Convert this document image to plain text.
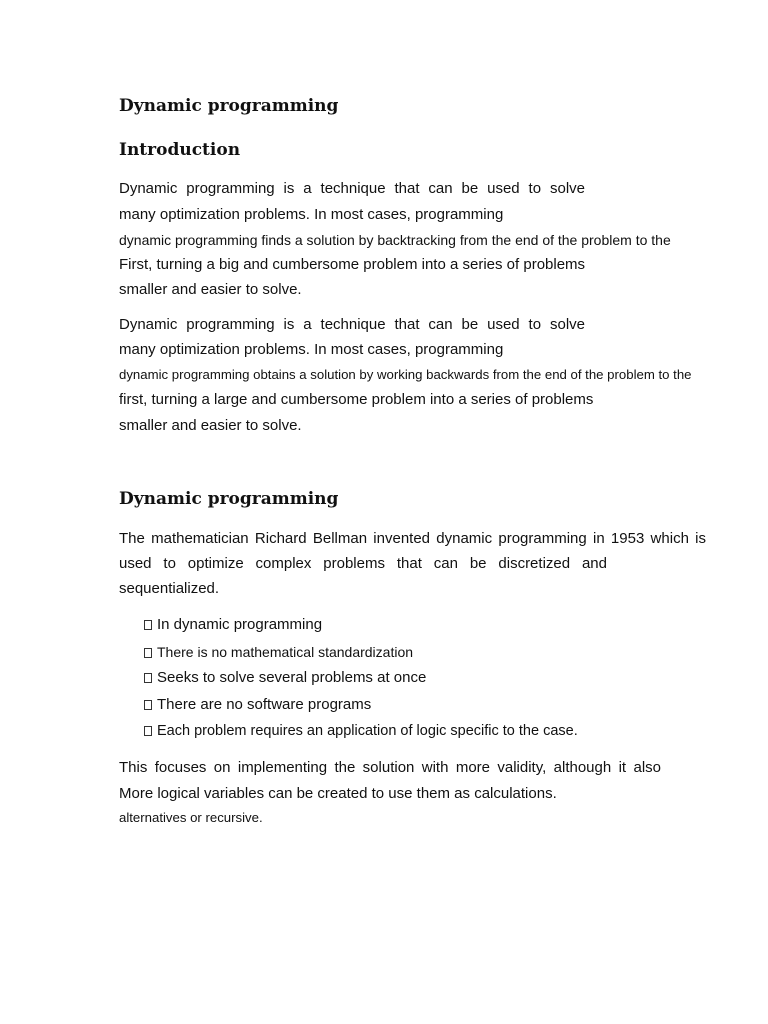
Dynamic programming
Introduction
Dynamic programming is a technique that can be used to solve
many optimization problems. In most cases, programming
dynamic programming finds a solution by backtracking from the end of the problem to the
First, turning a big and cumbersome problem into a series of problems
smaller and easier to solve.
Dynamic programming is a technique that can be used to solve
many optimization problems. In most cases, programming
dynamic programming obtains a solution by working backwards from the end of the problem to the
first, turning a large and cumbersome problem into a series of problems
smaller and easier to solve.
Dynamic programming
The mathematician Richard Bellman invented dynamic programming in 1953 which is
used to optimize complex problems that can be discretized and
sequentialized.
In dynamic programming
There is no mathematical standardization
Seeks to solve several problems at once
There are no software programs
Each problem requires an application of logic specific to the case.
This focuses on implementing the solution with more validity, although it also
More logical variables can be created to use them as calculations.
alternatives or recursive.
